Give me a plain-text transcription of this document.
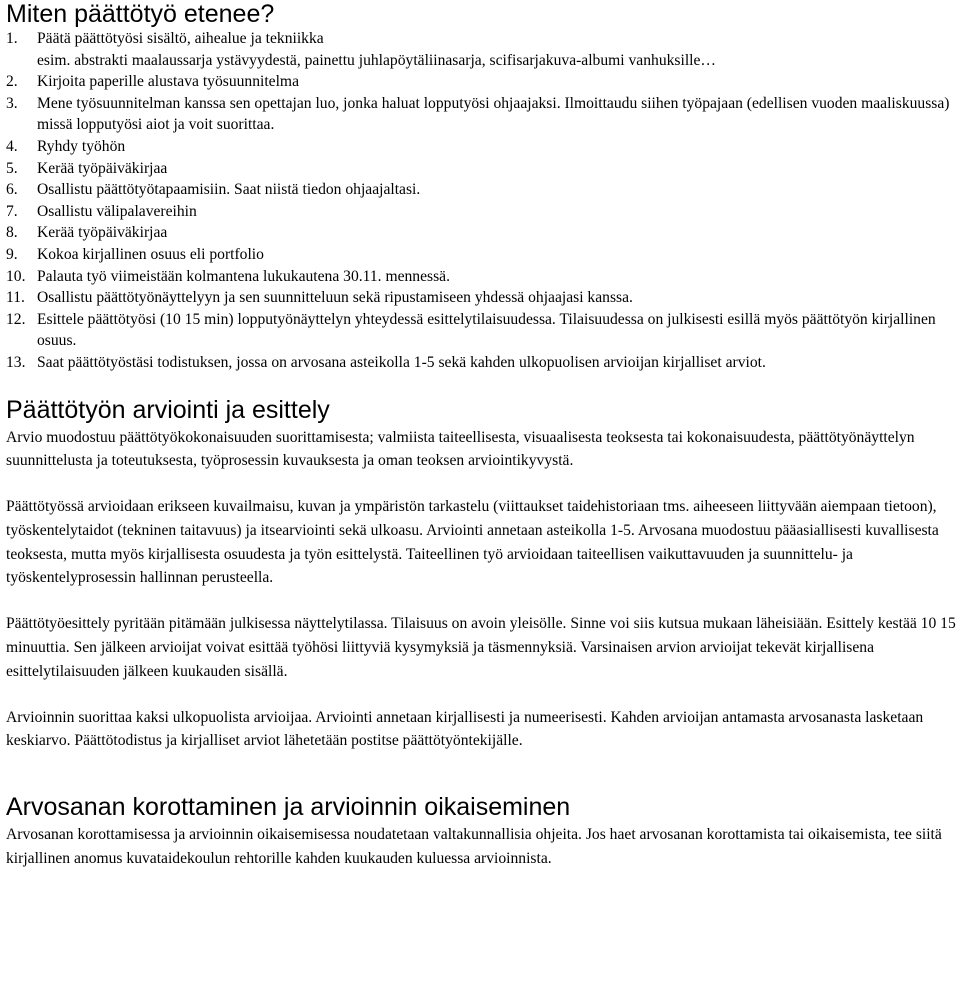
Miten päättötyö etenee?
1.	Päätä päättötyösi sisältö, aihealue ja tekniikka
esim. abstrakti maalaussarja ystävyydestä, painettu juhlapöytäliinasarja, scifisarjakuva-albumi vanhuksille…
2.	Kirjoita paperille alustava työsuunnitelma
3.	Mene työsuunnitelman kanssa sen opettajan luo, jonka haluat lopputyösi ohjaajaksi. Ilmoittaudu siihen työpajaan (edellisen vuoden maaliskuussa) missä lopputyösi aiot ja voit suorittaa.
4.	Ryhdy työhön
5.	Kerää työpäiväkirjaa
6.	Osallistu päättötyötapaamisiin. Saat niistä tiedon ohjaajaltasi.
7.	Osallistu välipalavereihin
8.	Kerää työpäiväkirjaa
9.	Kokoa kirjallinen osuus eli portfolio
10. Palauta työ viimeistään kolmantena lukukautena 30.11. mennessä.
11. Osallistu päättötyönäyttelyyn ja sen suunnitteluun sekä ripustamiseen yhdessä ohjaajasi kanssa.
12. Esittele päättötyösi (10 15 min) lopputyönäyttelyn yhteydessä esittelytilaisuudessa. Tilaisuudessa on julkisesti esillä myös päättötyön kirjallinen osuus.
13. Saat päättötyöstäsi todistuksen, jossa on arvosana asteikolla 1-5 sekä kahden ulkopuolisen arvioijan kirjalliset arviot.
Päättötyön arviointi ja esittely

Arvio muodostuu päättötyökokonaisuuden suorittamisesta; valmiista taiteellisesta, visuaalisesta teoksesta tai kokonaisuudesta, päättötyönäyttelyn suunnittelusta ja toteutuksesta, työprosessin kuvauksesta ja oman teoksen arviointikyvystä.

Päättötyössä arvioidaan erikseen kuvailmaisu, kuvan ja ympäristön tarkastelu (viittaukset taidehistoriaan tms. aiheeseen liittyvään aiempaan tietoon), työskentelytaidot (tekninen taitavuus) ja itsearviointi sekä ulkoasu. Arviointi annetaan asteikolla 1-5. Arvosana muodostuu pääasiallisesti kuvallisesta teoksesta, mutta myös kirjallisesta osuudesta ja työn esittelystä. Taiteellinen työ arvioidaan taiteellisen vaikuttavuuden ja suunnittelu- ja työskentelyprosessin hallinnan perusteella.

Päättötyöesittely pyritään pitämään julkisessa näyttelytilassa. Tilaisuus on avoin yleisölle. Sinne voi siis kutsua mukaan läheisiään. Esittely kestää 10 15 minuuttia. Sen jälkeen arvioijat voivat esittää työhösi liittyviä kysymyksiä ja täsmennyksiä. Varsinaisen arvion arvioijat tekevät kirjallisena esittelytilaisuuden jälkeen kuukauden sisällä.

Arvioinnin suorittaa kaksi ulkopuolista arvioijaa. Arviointi annetaan kirjallisesti ja numeerisesti. Kahden arvioijan antamasta arvosanasta lasketaan keskiarvo. Päättötodistus ja kirjalliset arviot lähetetään postitse päättötyöntekijälle.

Arvosanan korottaminen ja arvioinnin oikaiseminen

Arvosanan korottamisessa ja arvioinnin oikaisemisessa noudatetaan valtakunnallisia ohjeita. Jos haet arvosanan korottamista tai oikaisemista, tee siitä kirjallinen anomus kuvataidekoulun rehtorille kahden kuukauden kuluessa arvioinnista.
